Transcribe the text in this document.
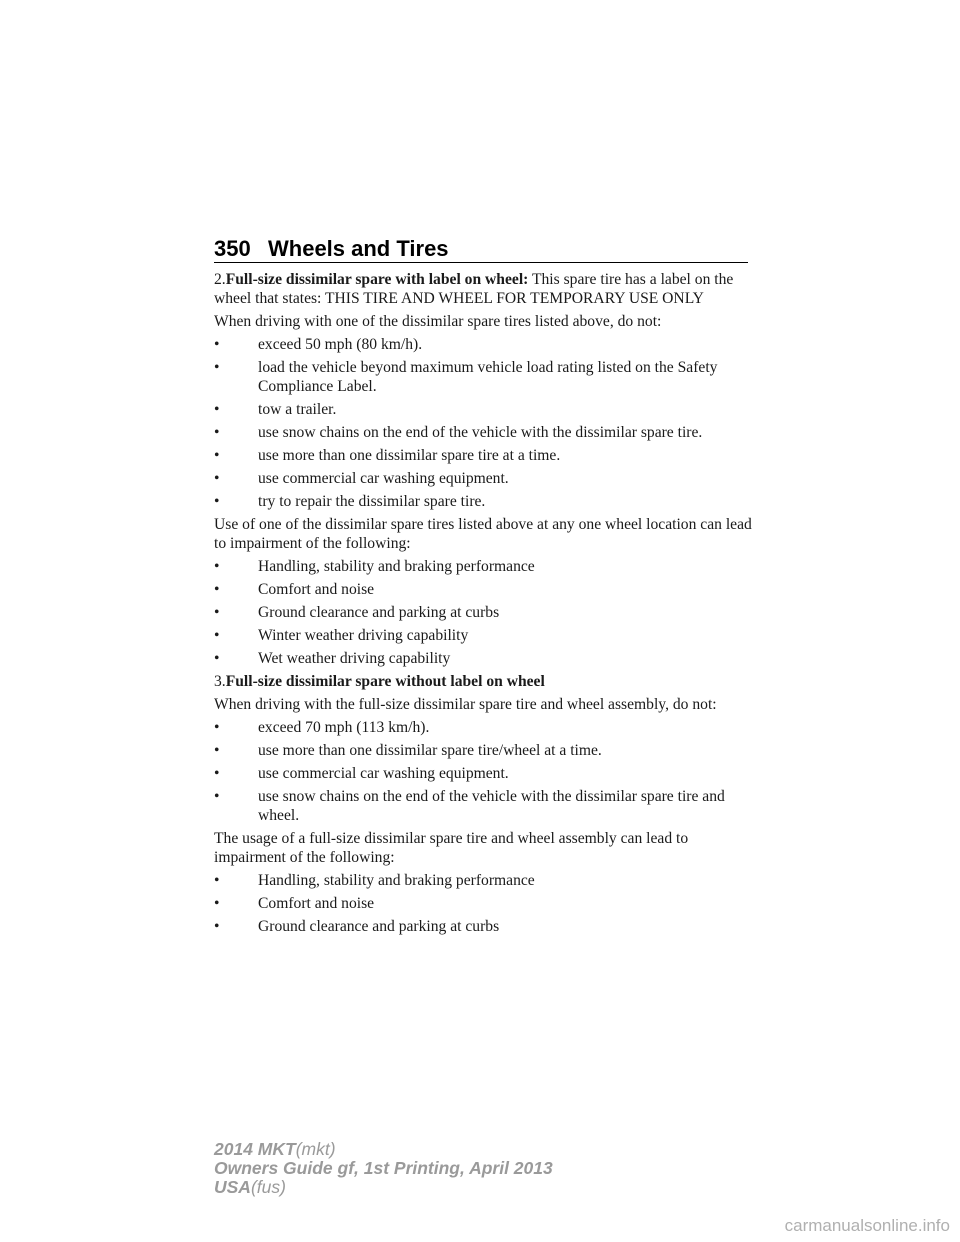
350 Wheels and Tires

2.Full-size dissimilar spare with label on wheel: This spare tire has a label on the wheel that states: THIS TIRE AND WHEEL FOR TEMPORARY USE ONLY

When driving with one of the dissimilar spare tires listed above, do not:

•
exceed 50 mph (80 km/h).
•
load the vehicle beyond maximum vehicle load rating listed on the Safety Compliance Label.
•
tow a trailer.
•
use snow chains on the end of the vehicle with the dissimilar spare tire.
•
use more than one dissimilar spare tire at a time.
•
use commercial car washing equipment.
•
try to repair the dissimilar spare tire.

Use of one of the dissimilar spare tires listed above at any one wheel location can lead to impairment of the following:

•
Handling, stability and braking performance
•
Comfort and noise
•
Ground clearance and parking at curbs
•
Winter weather driving capability
•
Wet weather driving capability

3.Full-size dissimilar spare without label on wheel

When driving with the full-size dissimilar spare tire and wheel assembly, do not:

•
exceed 70 mph (113 km/h).
•
use more than one dissimilar spare tire/wheel at a time.
•
use commercial car washing equipment.
•
use snow chains on the end of the vehicle with the dissimilar spare tire and wheel.

The usage of a full-size dissimilar spare tire and wheel assembly can lead to impairment of the following:

•
Handling, stability and braking performance
•
Comfort and noise
•
Ground clearance and parking at curbs
2014 MKT(mkt)
Owners Guide gf, 1st Printing, April 2013
USA(fus)
carmanualsonline.info
